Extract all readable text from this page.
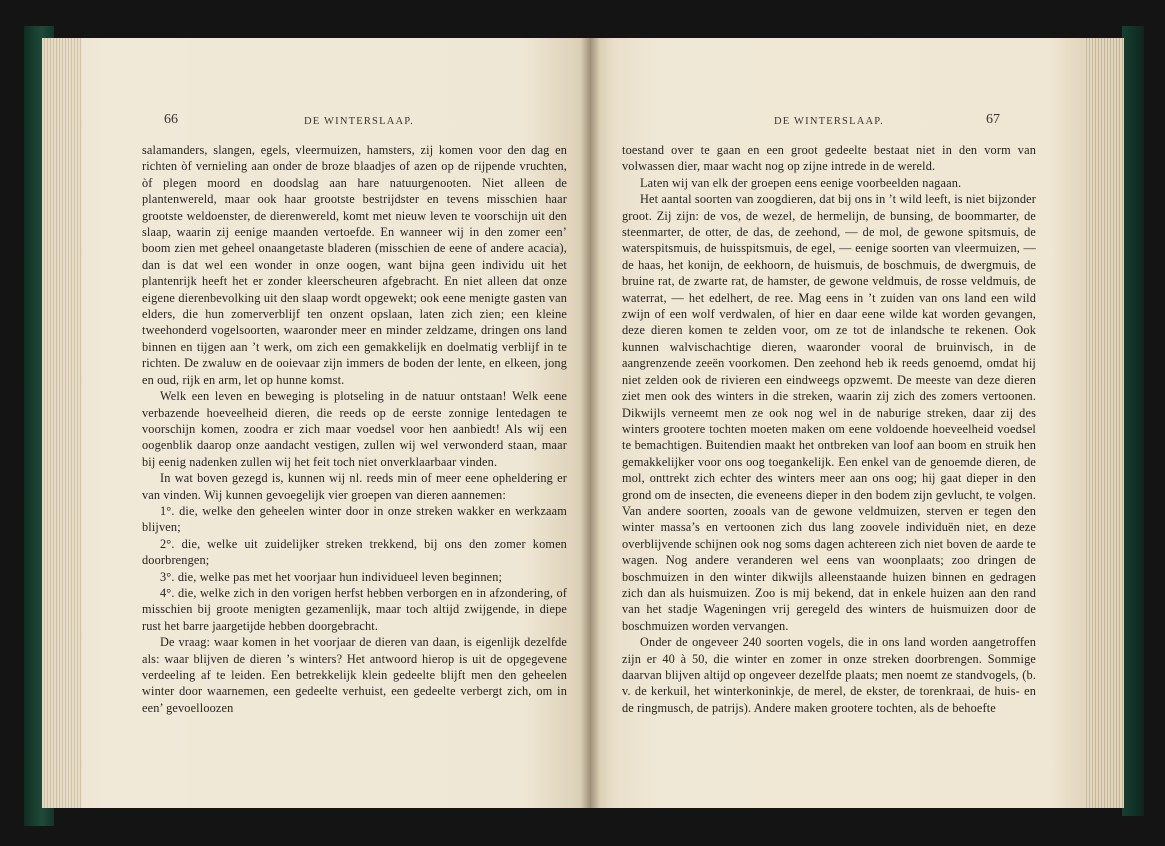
66	DE WINTERSLAAP.

salamanders, slangen, egels, vleermuizen, hamsters, zij komen voor den dag en richten òf vernieling aan onder de broze blaadjes of azen op de rijpende vruchten, òf plegen moord en doodslag aan hare natuurgenooten. Niet alleen de plantenwereld, maar ook haar grootste bestrijdster en tevens misschien haar grootste weldoenster, de dierenwereld, komt met nieuw leven te voorschijn uit den slaap, waarin zij eenige maanden vertoefde. En wanneer wij in den zomer een’ boom zien met geheel onaangetaste bladeren (misschien de eene of andere acacia), dan is dat wel een wonder in onze oogen, want bijna geen individu uit het plantenrijk heeft het er zonder kleerscheuren afgebracht. En niet alleen dat onze eigene dierenbevolking uit den slaap wordt opgewekt; ook eene menigte gasten van elders, die hun zomerverblijf ten onzent opslaan, laten zich zien; een kleine tweehonderd vogelsoorten, waaronder meer en minder zeldzame, dringen ons land binnen en tijgen aan ’t werk, om zich een gemakkelijk en doelmatig verblijf in te richten. De zwaluw en de ooievaar zijn immers de boden der lente, en elkeen, jong en oud, rijk en arm, let op hunne komst.

Welk een leven en beweging is plotseling in de natuur ontstaan! Welk eene verbazende hoeveelheid dieren, die reeds op de eerste zonnige lentedagen te voorschijn komen, zoodra er zich maar voedsel voor hen aanbiedt! Als wij een oogenblik daarop onze aandacht vestigen, zullen wij wel verwonderd staan, maar bij eenig nadenken zullen wij het feit toch niet onverklaarbaar vinden.

In wat boven gezegd is, kunnen wij nl. reeds min of meer eene opheldering er van vinden. Wij kunnen gevoegelijk vier groepen van dieren aannemen:

1°. die, welke den geheelen winter door in onze streken wakker en werkzaam blijven;

2°. die, welke uit zuidelijker streken trekkend, bij ons den zomer komen doorbrengen;

3°. die, welke pas met het voorjaar hun individueel leven beginnen;

4°. die, welke zich in den vorigen herfst hebben verborgen en in afzondering, of misschien bij groote menigten gezamenlijk, maar toch altijd zwijgende, in diepe rust het barre jaargetijde hebben doorgebracht.

De vraag: waar komen in het voorjaar de dieren van daan, is eigenlijk dezelfde als: waar blijven de dieren ’s winters? Het antwoord hierop is uit de opgegevene verdeeling af te leiden. Een betrekkelijk klein gedeelte blijft men den geheelen winter door waarnemen, een gedeelte verhuist, een gedeelte verbergt zich, om in een’ gevoelloozen

DE WINTERSLAAP.	67

toestand over te gaan en een groot gedeelte bestaat niet in den vorm van volwassen dier, maar wacht nog op zijne intrede in de wereld.

Laten wij van elk der groepen eens eenige voorbeelden nagaan.

Het aantal soorten van zoogdieren, dat bij ons in ’t wild leeft, is niet bijzonder groot. Zij zijn: de vos, de wezel, de hermelijn, de bunsing, de boommarter, de steenmarter, de otter, de das, de zeehond, — de mol, de gewone spitsmuis, de waterspitsmuis, de huisspitsmuis, de egel, — eenige soorten van vleermuizen, — de haas, het konijn, de eekhoorn, de huismuis, de boschmuis, de dwergmuis, de bruine rat, de zwarte rat, de hamster, de gewone veldmuis, de rosse veldmuis, de waterrat, — het edelhert, de ree. Mag eens in ’t zuiden van ons land een wild zwijn of een wolf verdwalen, of hier en daar eene wilde kat worden gevangen, deze dieren komen te zelden voor, om ze tot de inlandsche te rekenen. Ook kunnen walvischachtige dieren, waaronder vooral de bruinvisch, in de aangrenzende zeeën voorkomen. Den zeehond heb ik reeds genoemd, omdat hij niet zelden ook de rivieren een eindweegs opzwemt. De meeste van deze dieren ziet men ook des winters in die streken, waarin zij zich des zomers vertoonen. Dikwijls verneemt men ze ook nog wel in de naburige streken, daar zij des winters grootere tochten moeten maken om eene voldoende hoeveelheid voedsel te bemachtigen. Buitendien maakt het ontbreken van loof aan boom en struik hen gemakkelijker voor ons oog toegankelijk. Een enkel van de genoemde dieren, de mol, onttrekt zich echter des winters meer aan ons oog; hij gaat dieper in den grond om de insecten, die eveneens dieper in den bodem zijn gevlucht, te volgen. Van andere soorten, zooals van de gewone veldmuizen, sterven er tegen den winter massa’s en vertoonen zich dus lang zoovele individuën niet, en deze overblijvende schijnen ook nog soms dagen achtereen zich niet boven de aarde te wagen. Nog andere veranderen wel eens van woonplaats; zoo dringen de boschmuizen in den winter dikwijls alleenstaande huizen binnen en gedragen zich dan als huismuizen. Zoo is mij bekend, dat in enkele huizen aan den rand van het stadje Wageningen vrij geregeld des winters de huismuizen door de boschmuizen worden vervangen.

Onder de ongeveer 240 soorten vogels, die in ons land worden aangetroffen zijn er 40 à 50, die winter en zomer in onze streken doorbrengen. Sommige daarvan blijven altijd op ongeveer dezelfde plaats; men noemt ze standvogels, (b. v. de kerkuil, het winterkoninkje, de merel, de ekster, de torenkraai, de huis- en de ringmusch, de patrijs). Andere maken grootere tochten, als de behoefte
